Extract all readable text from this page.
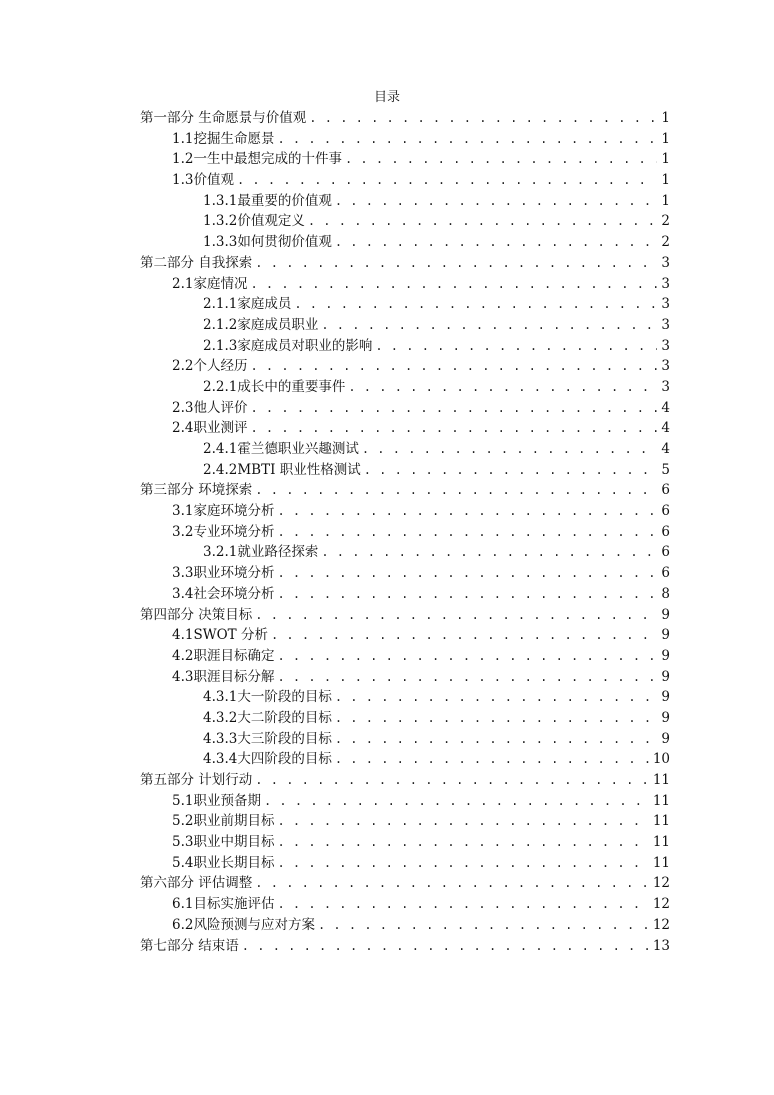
目录
第一部分 生命愿景与价值观 . . .	1
1.1挖掘生命愿景 . . .	1
1.2一生中最想完成的十件事 . . .	1
1.3价值观 . . .	1
1.3.1最重要的价值观 . . .	1
1.3.2价值观定义 . . .	2
1.3.3如何贯彻价值观 . . .	2
第二部分 自我探索 . . .	3
2.1家庭情况 . . .	3
2.1.1家庭成员 . . .	3
2.1.2家庭成员职业 . . .	3
2.1.3家庭成员对职业的影响 . . .	3
2.2个人经历 . . .	3
2.2.1成长中的重要事件 . . .	3
2.3他人评价 . . .	4
2.4职业测评 . . .	4
2.4.1霍兰德职业兴趣测试 . . .	4
2.4.2MBTI 职业性格测试 . . .	5
第三部分 环境探索 . . .	6
3.1家庭环境分析 . . .	6
3.2专业环境分析 . . .	6
3.2.1就业路径探索 . . .	6
3.3职业环境分析 . . .	6
3.4社会环境分析 . . .	8
第四部分 决策目标 . . .	9
4.1SWOT 分析 . . .	9
4.2职涯目标确定 . . .	9
4.3职涯目标分解 . . .	9
4.3.1大一阶段的目标 . . .	9
4.3.2大二阶段的目标 . . .	9
4.3.3大三阶段的目标 . . .	9
4.3.4大四阶段的目标 . . .	10
第五部分 计划行动 . . .	11
5.1职业预备期 . . .	11
5.2职业前期目标 . . .	11
5.3职业中期目标 . . .	11
5.4职业长期目标 . . .	11
第六部分 评估调整 . . .	12
6.1目标实施评估 . . .	12
6.2风险预测与应对方案 . . .	12
第七部分 结束语 . . .	13
